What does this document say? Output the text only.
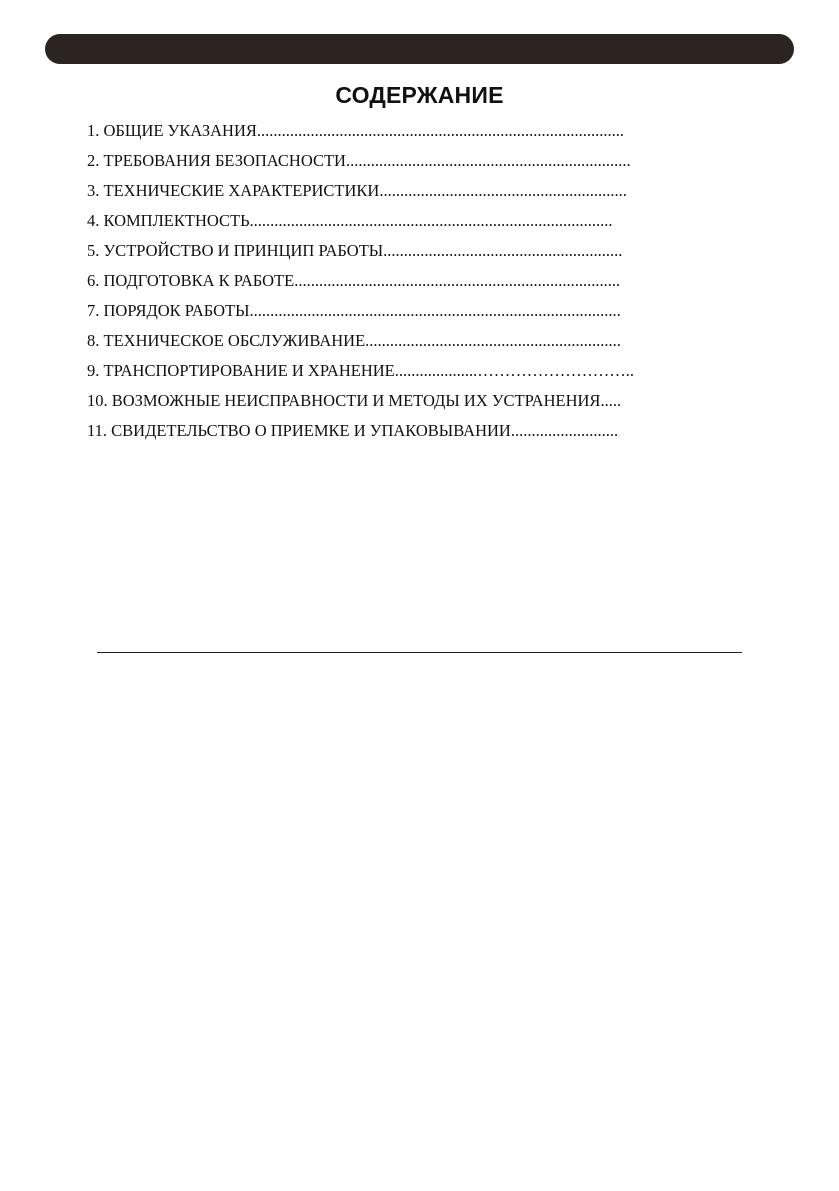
СОДЕРЖАНИЕ
1. ОБЩИЕ УКАЗАНИЯ.........................................................................................
2. ТРЕБОВАНИЯ БЕЗОПАСНОСТИ.....................................................................
3. ТЕХНИЧЕСКИЕ ХАРАКТЕРИСТИКИ............................................................
4. КОМПЛЕКТНОСТЬ........................................................................................
5. УСТРОЙСТВО И ПРИНЦИП РАБОТЫ..........................................................
6. ПОДГОТОВКА К РАБОТЕ...............................................................................
7. ПОРЯДОК РАБОТЫ..........................................................................................
8. ТЕХНИЧЕСКОЕ ОБСЛУЖИВАНИЕ..............................................................
9. ТРАНСПОРТИРОВАНИЕ И ХРАНЕНИЕ....................………………………..
10. ВОЗМОЖНЫЕ НЕИСПРАВНОСТИ И МЕТОДЫ ИХ УСТРАНЕНИЯ.....
11. СВИДЕТЕЛЬСТВО О ПРИЕМКЕ И УПАКОВЫВАНИИ..........................
